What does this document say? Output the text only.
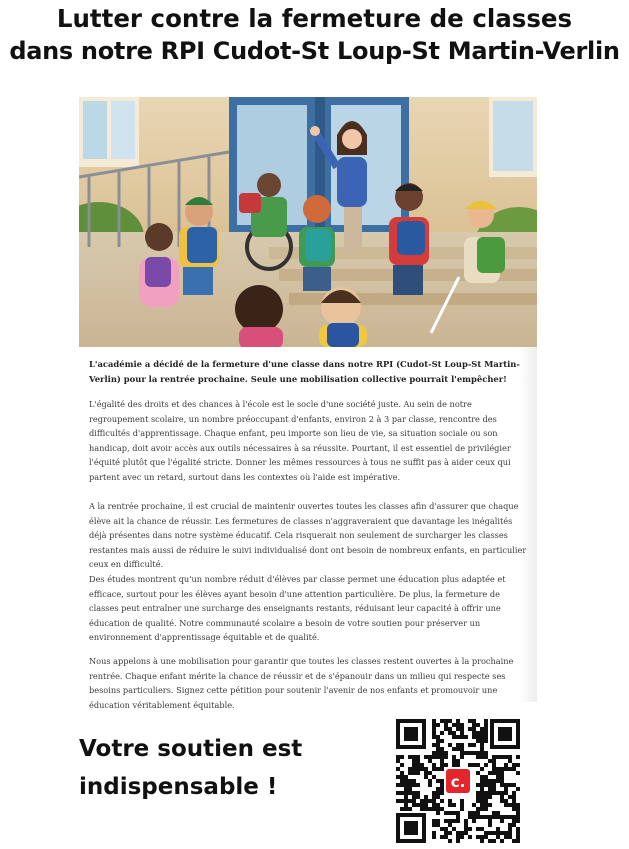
Lutter contre la fermeture de classes
dans notre RPI Cudot-St Loup-St Martin-Verlin

L'académie a décidé de la fermeture d'une classe dans notre RPI (Cudot-St Loup-St Martin-Verlin) pour la rentrée prochaine. Seule une mobilisation collective pourrait l'empêcher!

L'égalité des droits et des chances à l'école est le socle d'une société juste. Au sein de notre regroupement scolaire, un nombre préoccupant d'enfants, environ 2 à 3 par classe, rencontre des difficultés d'apprentissage. Chaque enfant, peu importe son lieu de vie, sa situation sociale ou son handicap, doit avoir accès aux outils nécessaires à sa réussite. Pourtant, il est essentiel de privilégier l'équité plutôt que l'égalité stricte. Donner les mêmes ressources à tous ne suffit pas à aider ceux qui partent avec un retard, surtout dans les contextes où l'aide est impérative.

A la rentrée prochaine, il est crucial de maintenir ouvertes toutes les classes afin d'assurer que chaque élève ait la chance de réussir. Les fermetures de classes n'aggraveraient que davantage les inégalités déjà présentes dans notre système éducatif. Cela risquerait non seulement de surcharger les classes restantes mais aussi de réduire le suivi individualisé dont ont besoin de nombreux enfants, en particulier ceux en difficulté.

Des études montrent qu'un nombre réduit d'élèves par classe permet une éducation plus adaptée et efficace, surtout pour les élèves ayant besoin d'une attention particulière. De plus, la fermeture de classes peut entraîner une surcharge des enseignants restants, réduisant leur capacité à offrir une éducation de qualité. Notre communauté scolaire a besoin de votre soutien pour préserver un environnement d'apprentissage équitable et de qualité.

Nous appelons à une mobilisation pour garantir que toutes les classes restent ouvertes à la prochaine rentrée. Chaque enfant mérite la chance de réussir et de s'épanouir dans un milieu qui respecte ses besoins particuliers. Signez cette pétition pour soutenir l'avenir de nos enfants et promouvoir une éducation véritablement équitable.

Votre soutien est
indispensable !	c.
